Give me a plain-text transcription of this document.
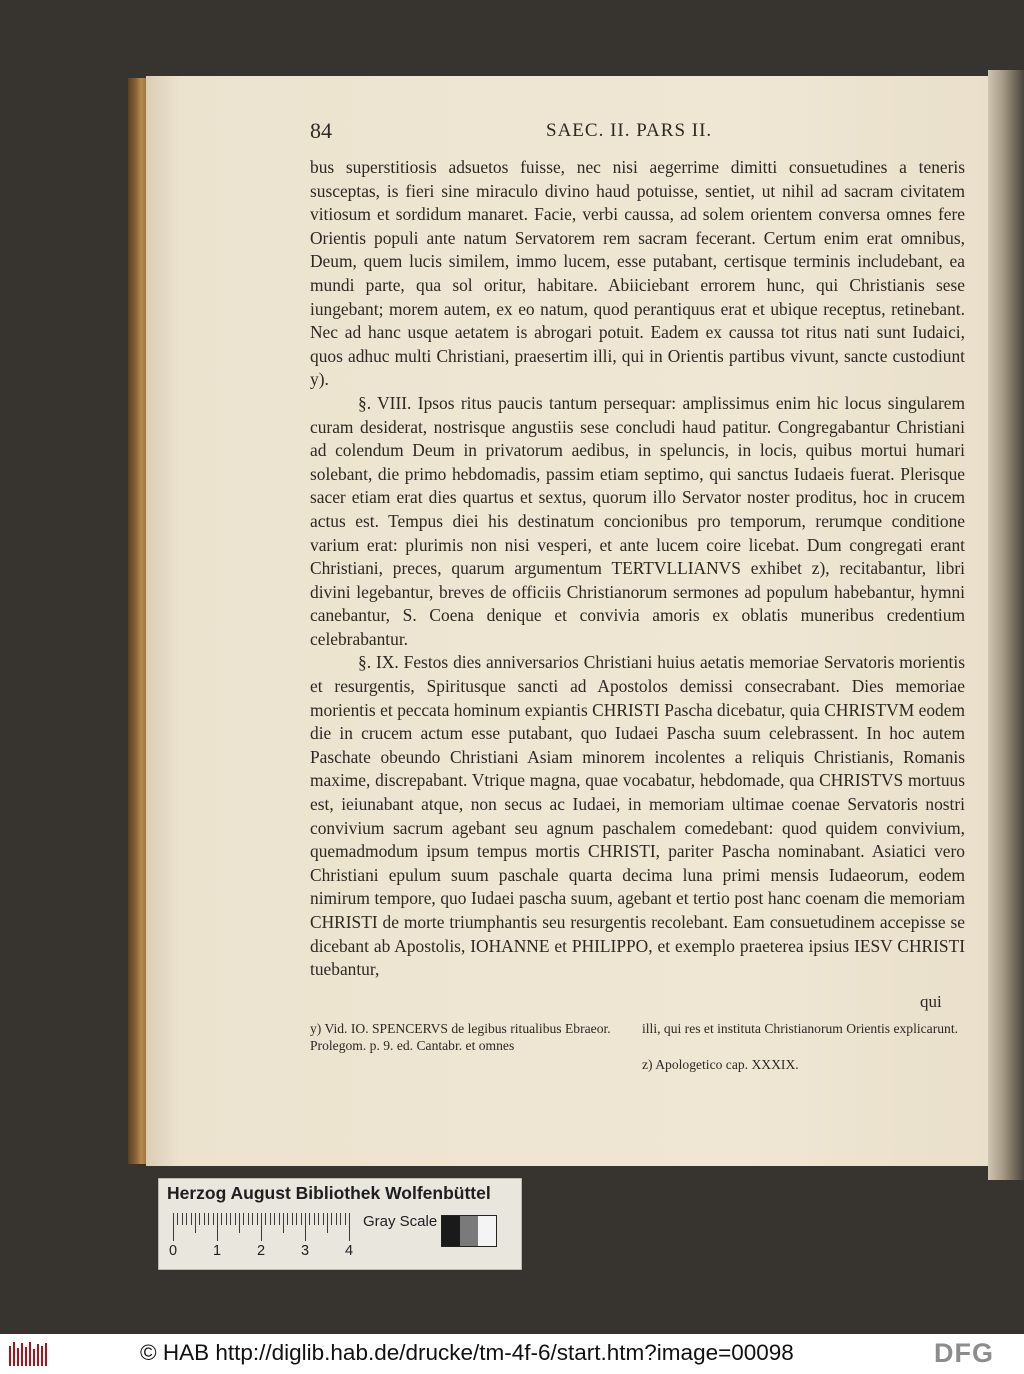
84	SAEC. II. PARS II.

bus superstitiosis adsuetos fuisse, nec nisi aegerrime dimitti consuetudines a teneris susceptas, is fieri sine miraculo divino haud potuisse, sentiet, ut nihil ad sacram civitatem vitiosum et sordidum manaret. Facie, verbi caussa, ad solem orientem conversa omnes fere Orientis populi ante natum Servatorem rem sacram fecerant. Certum enim erat omnibus, Deum, quem lucis similem, immo lucem, esse putabant, certisque terminis includebant, ea mundi parte, qua sol oritur, habitare. Abiiciebant errorem hunc, qui Christianis sese iungebant; morem autem, ex eo natum, quod perantiquus erat et ubique receptus, retinebant. Nec ad hanc usque aetatem is abrogari potuit. Eadem ex caussa tot ritus nati sunt Iudaici, quos adhuc multi Christiani, praesertim illi, qui in Orientis partibus vivunt, sancte custodiunt y).

§. VIII. Ipsos ritus paucis tantum persequar: amplissimus enim hic locus singularem curam desiderat, nostrisque angustiis sese concludi haud patitur. Congregabantur Christiani ad colendum Deum in privatorum aedibus, in speluncis, in locis, quibus mortui humari solebant, die primo hebdomadis, passim etiam septimo, qui sanctus Iudaeis fuerat. Plerisque sacer etiam erat dies quartus et sextus, quorum illo Servator noster proditus, hoc in crucem actus est. Tempus diei his destinatum concionibus pro temporum, rerumque conditione varium erat: plurimis non nisi vesperi, et ante lucem coire licebat. Dum congregati erant Christiani, preces, quarum argumentum TERTVLLIANVS exhibet z), recitabantur, libri divini legebantur, breves de officiis Christianorum sermones ad populum habebantur, hymni canebantur, S. Coena denique et convivia amoris ex oblatis muneribus credentium celebrabantur.

§. IX. Festos dies anniversarios Christiani huius aetatis memoriae Servatoris morientis et resurgentis, Spiritusque sancti ad Apostolos demissi consecrabant. Dies memoriae morientis et peccata hominum expiantis CHRISTI Pascha dicebatur, quia CHRISTVM eodem die in crucem actum esse putabant, quo Iudaei Pascha suum celebrassent. In hoc autem Paschate obeundo Christiani Asiam minorem incolentes a reliquis Christianis, Romanis maxime, discrepabant. Vtrique magna, quae vocabatur, hebdomade, qua CHRISTVS mortuus est, ieiunabant atque, non secus ac Iudaei, in memoriam ultimae coenae Servatoris nostri convivium sacrum agebant seu agnum paschalem comedebant: quod quidem convivium, quemadmodum ipsum tempus mortis CHRISTI, pariter Pascha nominabant. Asiatici vero Christiani epulum suum paschale quarta decima luna primi mensis Iudaeorum, eodem nimirum tempore, quo Iudaei pascha suum, agebant et tertio post hanc coenam die memoriam CHRISTI de morte triumphantis seu resurgentis recolebant. Eam consuetudinem accepisse se dicebant ab Apostolis, IOHANNE et PHILIPPO, et exemplo praeterea ipsius IESV CHRISTI tuebantur,

qui
y) Vid. IO. SPENCERVS de legibus ritualibus Ebraeor. Prolegom. p. 9. ed. Cantabr. et omnes
illi, qui res et instituta Christianorum Orientis explicarunt.
z) Apologetico cap. XXXIX.
Herzog August Bibliothek Wolfenbüttel
0 1 2 3 4
Gray Scale
© HAB http://diglib.hab.de/drucke/tm-4f-6/start.htm?image=00098	DFG
